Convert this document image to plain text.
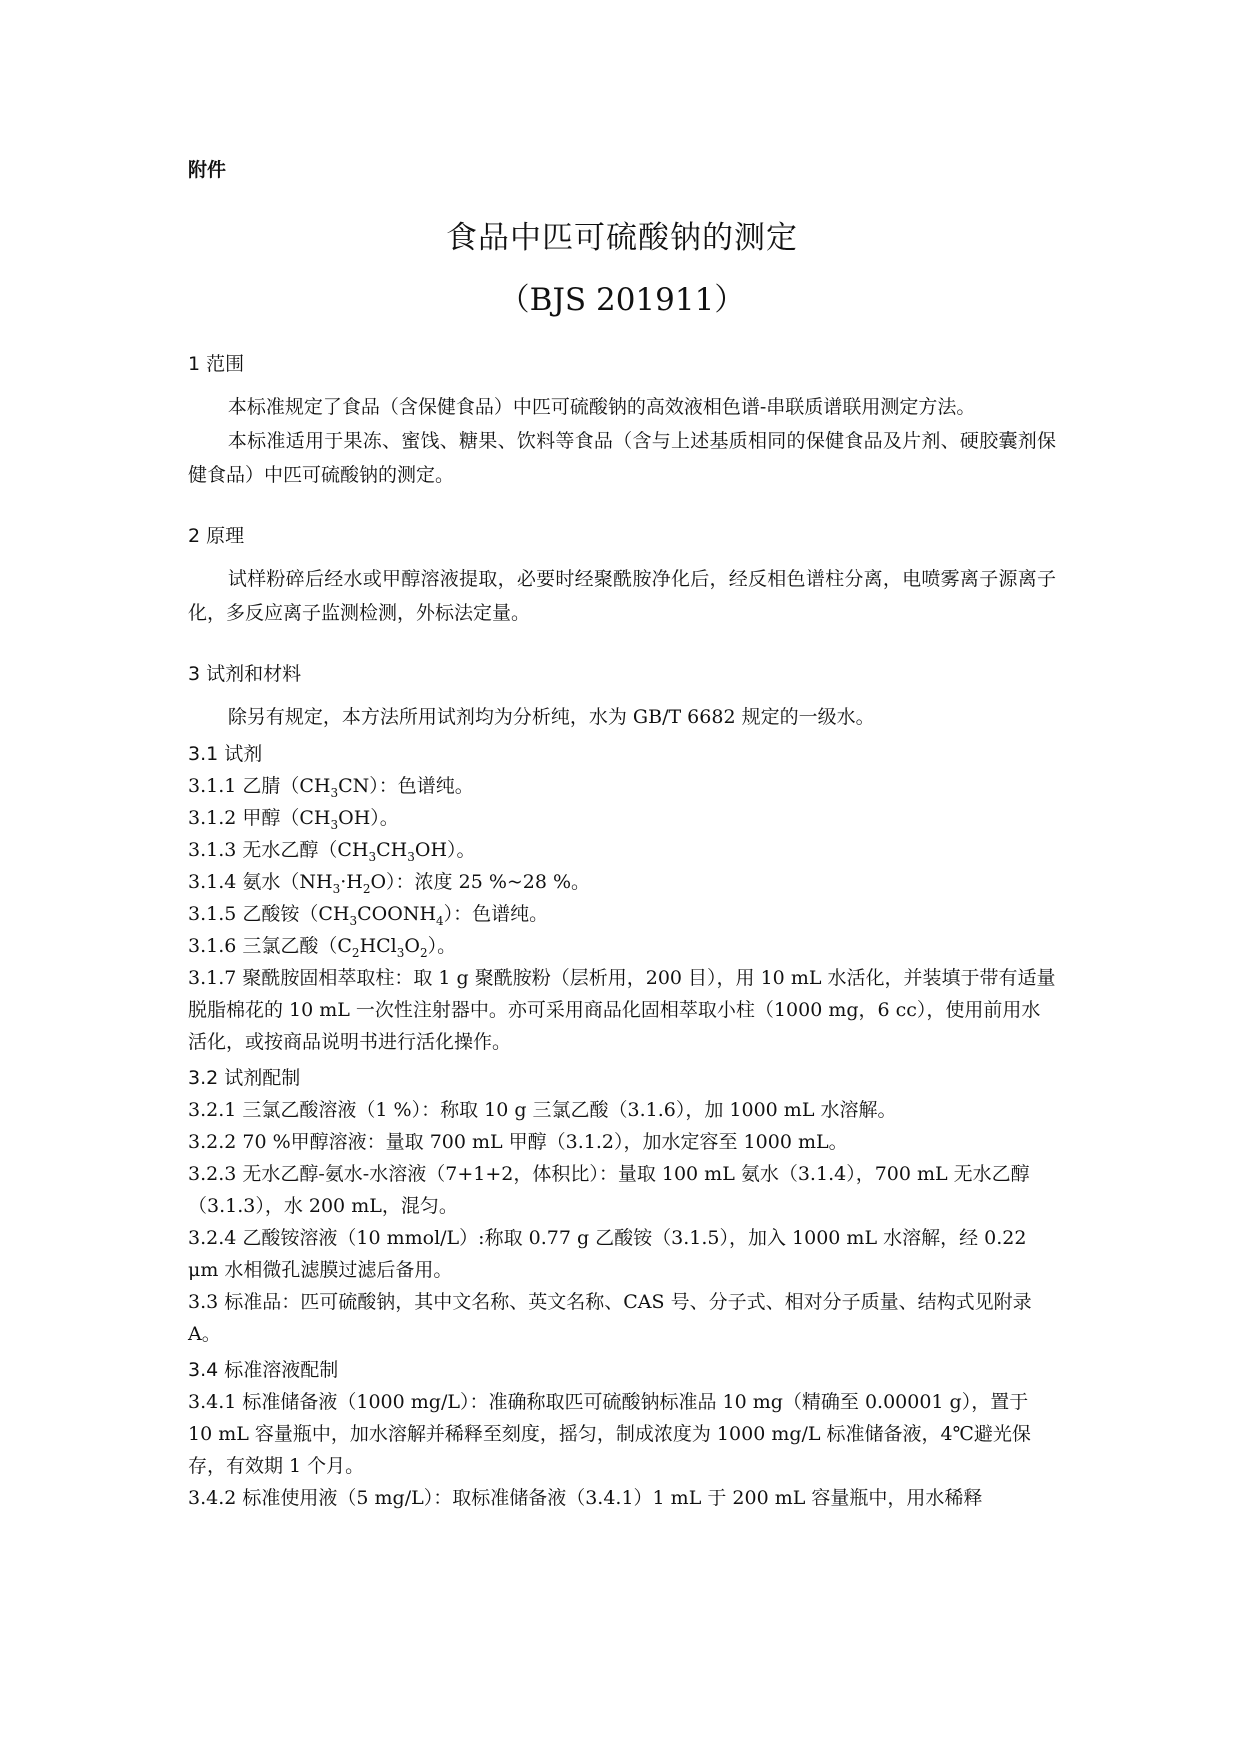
附件
食品中匹可硫酸钠的测定
（BJS 201911）
1 范围
本标准规定了食品（含保健食品）中匹可硫酸钠的高效液相色谱-串联质谱联用测定方法。
本标准适用于果冻、蜜饯、糖果、饮料等食品（含与上述基质相同的保健食品及片剂、硬胶囊剂保健食品）中匹可硫酸钠的测定。
2 原理
试样粉碎后经水或甲醇溶液提取，必要时经聚酰胺净化后，经反相色谱柱分离，电喷雾离子源离子化，多反应离子监测检测，外标法定量。
3 试剂和材料
除另有规定，本方法所用试剂均为分析纯，水为 GB/T 6682 规定的一级水。
3.1 试剂
3.1.1 乙腈$(CH_3CN)$：色谱纯。
3.1.2 甲醇$(CH_3OH)$。
3.1.3 无水乙醇$(CH_3CH_3OH)$。
3.1.4 氨水$(NH_3\cdot H_2O)$：浓度 25 %~28 %。
3.1.5 乙酸铵$(CH_3COONH_4)$：色谱纯。
3.1.6 三氯乙酸$(C_2HCl_3O_2)$。
3.1.7 聚酰胺固相萃取柱：取 1 g 聚酰胺粉（层析用，200 目），用 10 mL 水活化，并装填于带有适量脱脂棉花的 10 mL 一次性注射器中。亦可采用商品化固相萃取小柱（1000 mg，6 cc），使用前用水活化，或按商品说明书进行活化操作。
3.2 试剂配制
3.2.1 三氯乙酸溶液（1 %）：称取 10 g 三氯乙酸（3.1.6），加 1000 mL 水溶解。
3.2.2 70 %甲醇溶液：量取 700 mL 甲醇（3.1.2），加水定容至 1000 mL。
3.2.3 无水乙醇-氨水-水溶液（7+1+2，体积比）：量取 100 mL 氨水（3.1.4），700 mL 无水乙醇（3.1.3），水 200 mL，混匀。
3.2.4 乙酸铵溶液（10 mmol/L）:称取 0.77 g 乙酸铵（3.1.5），加入 1000 mL 水溶解，经 0.22 μm 水相微孔滤膜过滤后备用。
3.3 标准品：匹可硫酸钠，其中文名称、英文名称、CAS 号、分子式、相对分子质量、结构式见附录 A。
3.4 标准溶液配制
3.4.1 标准储备液（1000 mg/L）：准确称取匹可硫酸钠标准品 10 mg（精确至 0.00001 g），置于 10 mL 容量瓶中，加水溶解并稀释至刻度，摇匀，制成浓度为 1000 mg/L 标准储备液，4℃避光保存，有效期 1 个月。
3.4.2 标准使用液（5 mg/L）：取标准储备液（3.4.1）1 mL 于 200 mL 容量瓶中，用水稀释
